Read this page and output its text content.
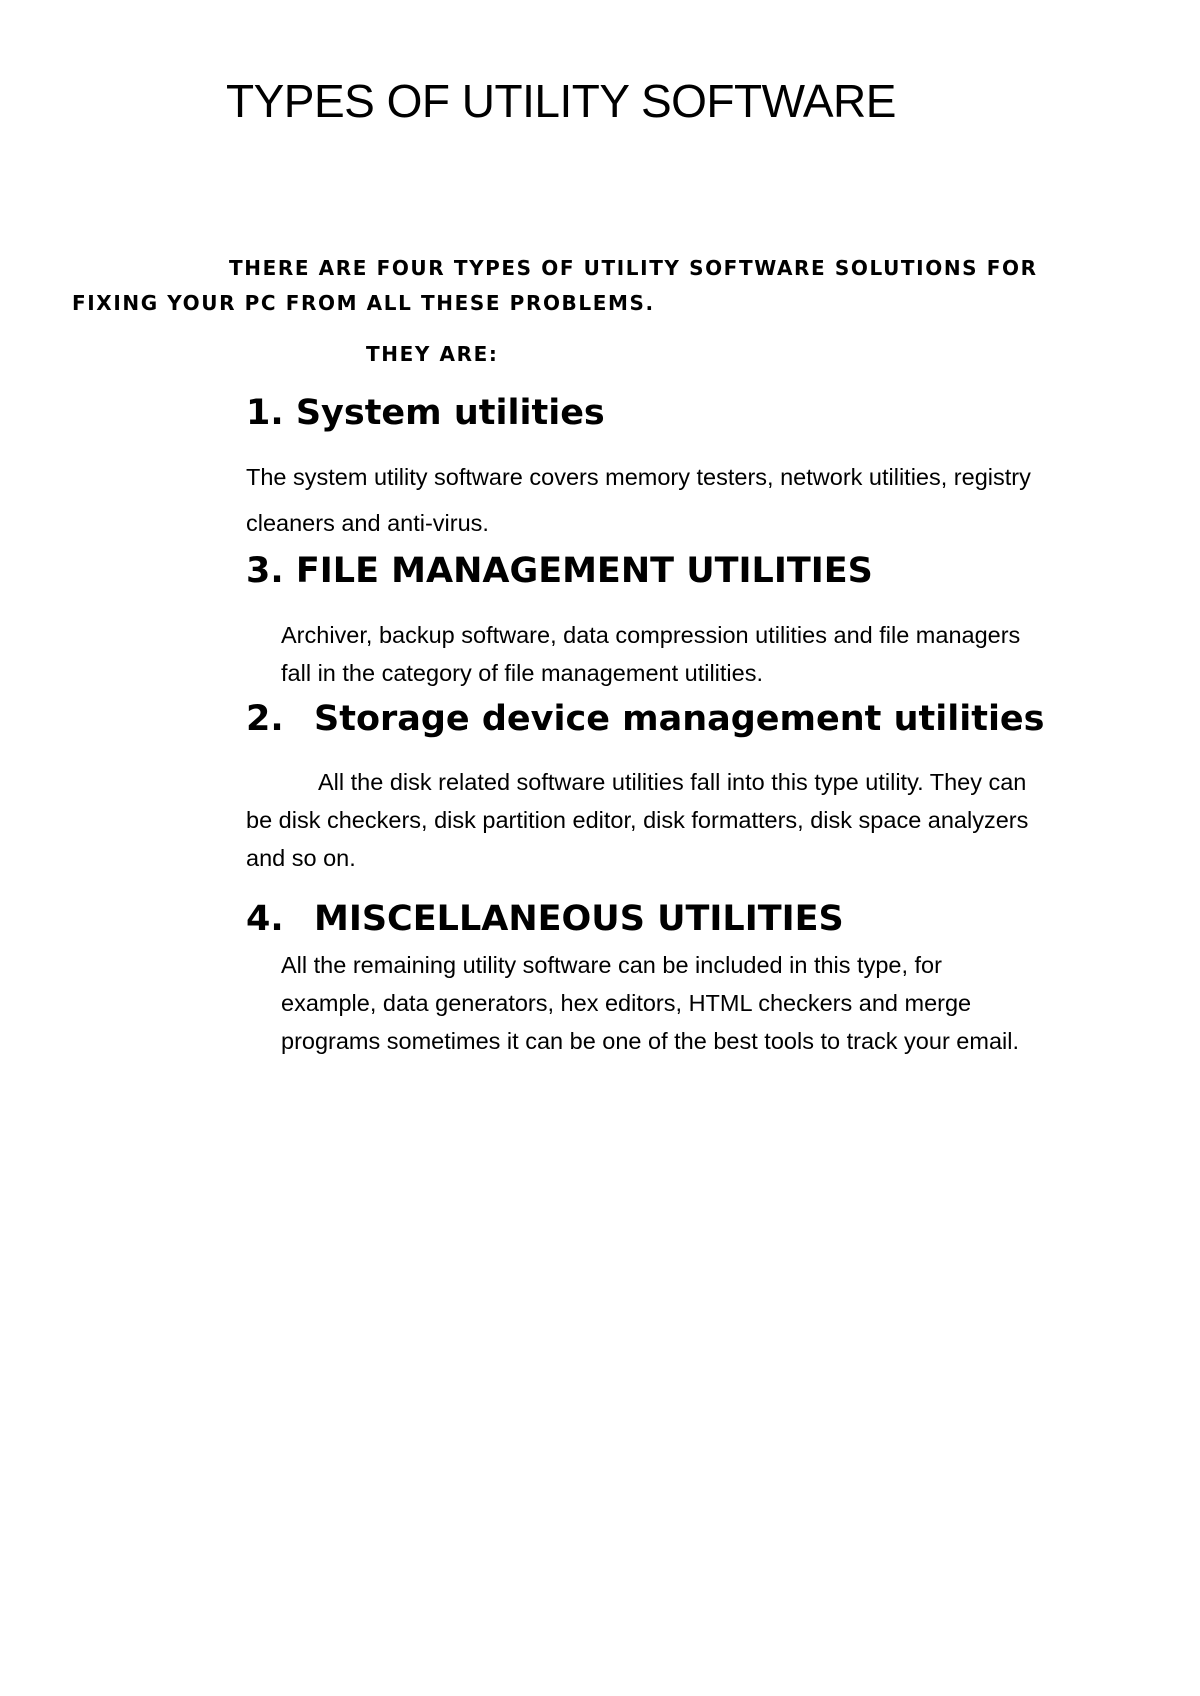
TYPES OF UTILITY SOFTWARE
THERE ARE FOUR TYPES OF UTILITY SOFTWARE SOLUTIONS FOR
FIXING YOUR PC FROM ALL THESE PROBLEMS.
THEY ARE:
1. System utilities
The system utility software covers memory testers, network utilities, registry
cleaners and anti-virus.
3. FILE MANAGEMENT UTILITIES
Archiver, backup software, data compression utilities and file managers
fall in the category of file management utilities.
2. Storage device management utilities
All the disk related software utilities fall into this type utility. They can
be disk checkers, disk partition editor, disk formatters, disk space analyzers
and so on.
4. MISCELLANEOUS UTILITIES
All the remaining utility software can be included in this type, for
example, data generators, hex editors, HTML checkers and merge
programs sometimes it can be one of the best tools to track your email.
